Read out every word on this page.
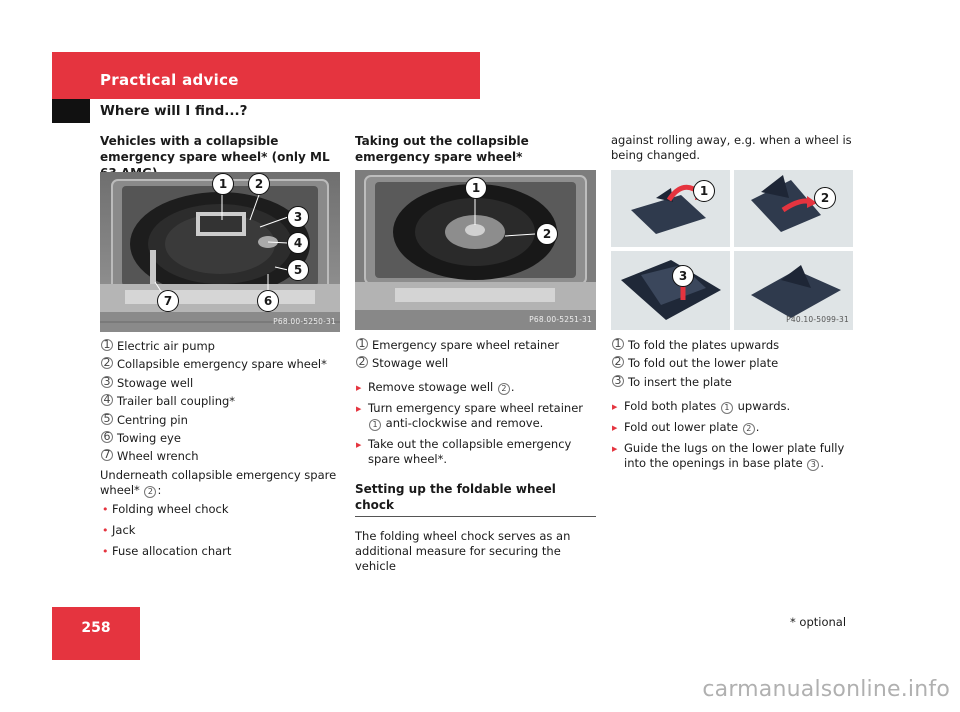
Practical advice
Where will I find...?

Vehicles with a collapsible emergency spare wheel* (only ML

1	2
3
4
5
6
7
P68.00-5250-31
1 Electric air pump
2 Collapsible emergency spare wheel*
3 Stowage well
4 Trailer ball coupling*
5 Centring pin
6 Towing eye
7 Wheel wrench

Underneath collapsible emergency spare wheel* 2 :

• Folding wheel chock
• Jack
• Fuse allocation chart

Taking out the collapsible emergency spare wheel*

1
2
P68.00-5251-31
1 Emergency spare wheel retainer
2 Stowage well
▶ Remove stowage well 2 .
▶ Turn emergency spare wheel retainer 1 anti-clockwise and remove.
▶ Take out the collapsible emergency spare wheel*.

Setting up the foldable wheel chock

The folding wheel chock serves as an additional measure for securing the vehicle

against rolling away, e.g. when a wheel is being changed.

1	2
3
P40.10-5099-31
1 To fold the plates upwards
2 To fold out the lower plate
3 To insert the plate
▶ Fold both plates 1 upwards.
▶ Fold out lower plate 2 .
▶ Guide the lugs on the lower plate fully into the openings in base plate 3 .
258	* optional
carmanualsonline.info
